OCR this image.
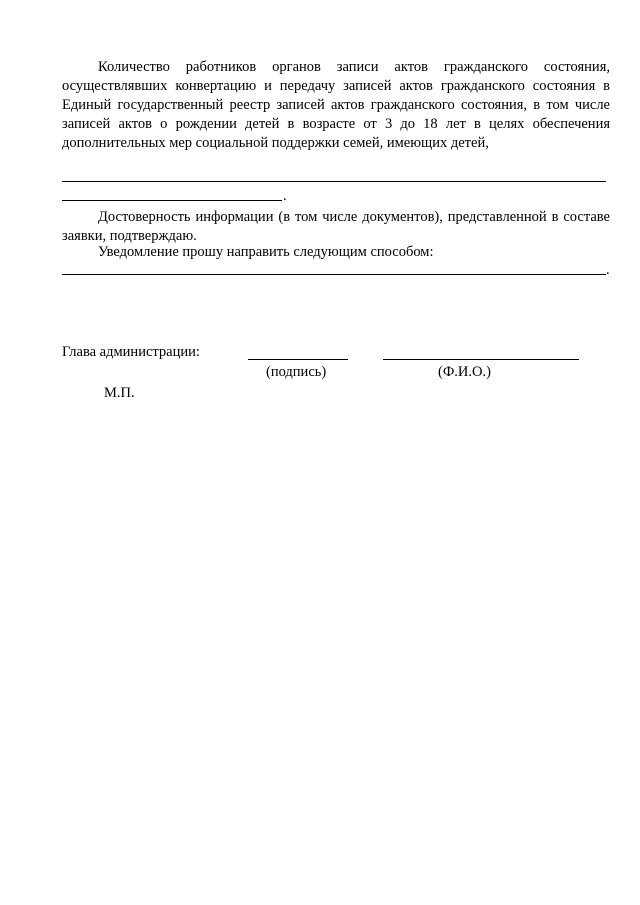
Количество работников органов записи актов гражданского состояния, осуществлявших конвертацию и передачу записей актов гражданского состояния в Единый государственный реестр записей актов гражданского состояния, в том числе записей актов о рождении детей в возрасте от 3 до 18 лет в целях обеспечения дополнительных мер социальной поддержки семей, имеющих детей,

.

Достоверность информации (в том числе документов), представленной в составе заявки, подтверждаю.

Уведомление прошу направить следующим способом:

.
Глава администрации:
(подпись)	(Ф.И.О.)
М.П.
